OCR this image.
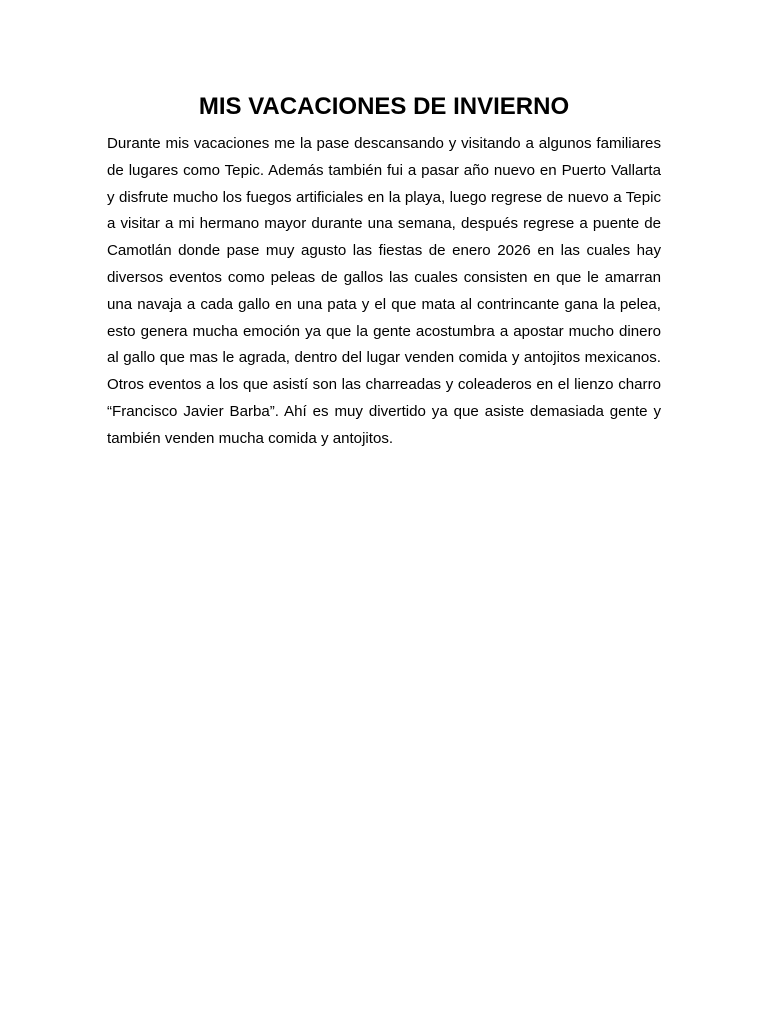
MIS VACACIONES DE INVIERNO

Durante mis vacaciones me la pase descansando y visitando a algunos familiares de lugares como Tepic. Además también fui a pasar año nuevo en Puerto Vallarta y disfrute mucho los fuegos artificiales en la playa, luego regrese de nuevo a Tepic a visitar a mi hermano mayor durante una semana, después regrese a puente de Camotlán donde pase muy agusto las fiestas de enero 2026 en las cuales hay diversos eventos como peleas de gallos las cuales consisten en que le amarran una navaja a cada gallo en una pata y el que mata al contrincante gana la pelea, esto genera mucha emoción ya que la gente acostumbra a apostar mucho dinero al gallo que mas le agrada, dentro del lugar venden comida y antojitos mexicanos. Otros eventos a los que asistí son las charreadas y coleaderos en el lienzo charro “Francisco Javier Barba”. Ahí es muy divertido ya que asiste demasiada gente y también venden mucha comida y antojitos.
